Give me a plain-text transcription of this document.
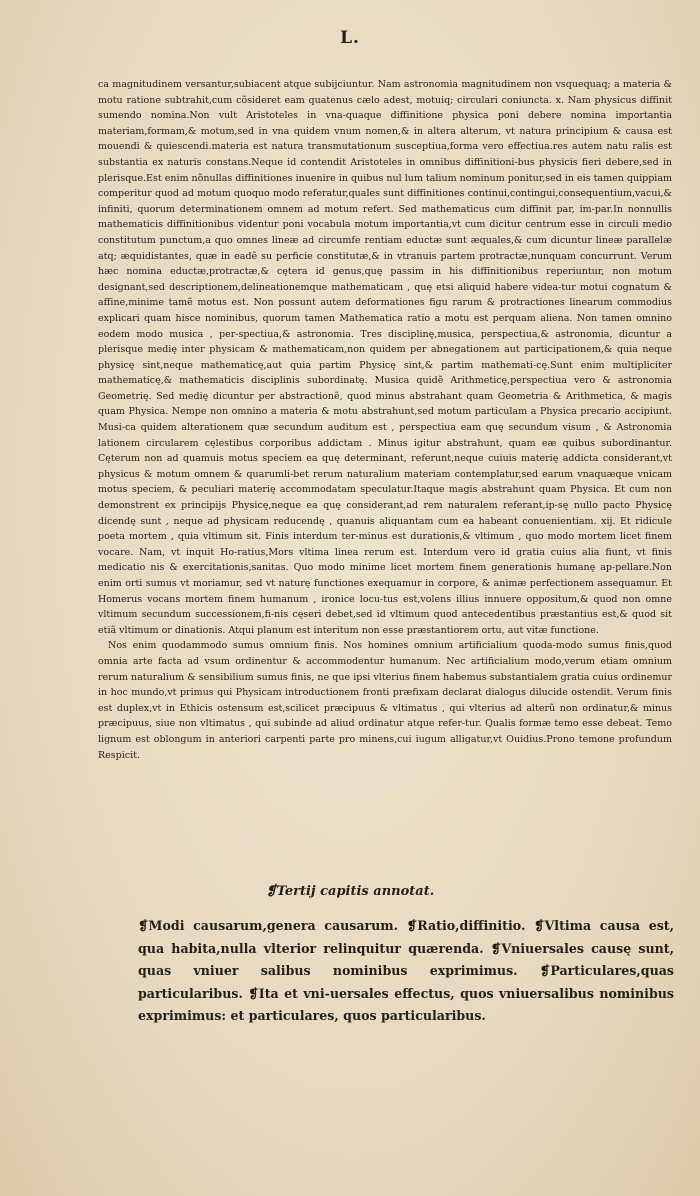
L.

ca magnitudinem versantur,subiacent atque subijciuntur. Nam astronomia magnitudinem non vsquequaq; a materia & motu ratione subtrahit,cum cõsideret eam quatenus cælo adest, motuiq; circulari coniuncta. x. Nam physicus diffinit sumendo nomina.Non vult Aristoteles in vna-quaque diffinitione physica poni debere nomina importantia materiam,formam,& motum,sed in vna quidem vnum nomen,& in altera alterum, vt natura principium & causa est mouendi & quiescendi.materia est natura transmutationum susceptiua,forma vero effectiua.res autem natu ralis est substantia ex naturis constans.Neque id contendit Aristoteles in omnibus diffinitioni-bus physicis fieri debere,sed in plerisque.Est enim nõnullas diffinitiones inuenire in quibus nul lum talium nominum ponitur,sed in eis tamen quippiam comperitur quod ad motum quoquo modo referatur,quales sunt diffinitiones continui,contingui,consequentium,vacui,& infiniti, quorum determinationem omnem ad motum refert. Sed mathematicus cum diffinit par, im-par.In nonnullis mathematicis diffinitionibus videntur poni vocabula motum importantia,vt cum dicitur centrum esse in circuli medio constitutum punctum,a quo omnes lineæ ad circumfe rentiam eductæ sunt æquales,& cum dicuntur lineæ parallelæ atq; æquidistantes, quæ in eadẽ su perficie constitutæ,& in vtranuis partem protractæ,nunquam concurrunt. Verum hæc nomina eductæ,protractæ,& cętera id genus,quę passim in his diffinitionibus reperiuntur, non motum designant,sed descriptionem,delineationemque mathematicam , quę etsi aliquid habere videa-tur motui cognatum & affine,minime tamẽ motus est. Non possunt autem deformationes figu rarum & protractiones linearum commodius explicari quam hisce nominibus, quorum tamen Mathematica ratio a motu est perquam aliena. Non tamen omnino eodem modo musica , per-spectiua,& astronomia. Tres disciplinę,musica, perspectiua,& astronomia, dicuntur a plerisque medię inter physicam & mathematicam,non quidem per abnegationem aut participationem,& quia neque physicę sint,neque mathematicę,aut quia partim Physicę sint,& partim mathemati-cę.Sunt enim multipliciter mathematicę,& mathematicis disciplinis subordinatę. Musica quidẽ Arithmeticę,perspectiua vero & astronomia Geometrię. Sed medię dicuntur per abstractionẽ, quod minus abstrahant quam Geometria & Arithmetica, & magis quam Physica. Nempe non omnino a materia & motu abstrahunt,sed motum particulam a Physica precario accipiunt. Musi-ca quidem alterationem quæ secundum auditum est , perspectiua eam quę secundum visum , & Astronomia lationem circularem cęlestibus corporibus addictam . Minus igitur abstrahunt, quam eæ quibus subordinantur. Cęterum non ad quamuis motus speciem ea quę determinant, referunt,neque cuiuis materię addicta considerant,vt physicus & motum omnem & quarumli-bet rerum naturalium materiam contemplatur,sed earum vnaquæque vnicam motus speciem, & peculiari materię accommodatam speculatur.Itaque magis abstrahunt quam Physica. Et cum non demonstrent ex principijs Physicę,neque ea quę considerant,ad rem naturalem referant,ip-sę nullo pacto Physicę dicendę sunt , neque ad physicam reducendę , quanuis aliquantam cum ea habeant conuenientiam. xij. Et ridicule poeta mortem , quia vltimum sit. Finis interdum ter-minus est durationis,& vltimum , quo modo mortem licet finem vocare. Nam, vt inquit Ho-ratius,Mors vltima linea rerum est. Interdum vero id gratia cuius alia fiunt, vt finis medicatio nis & exercitationis,sanitas. Quo modo minime licet mortem finem generationis humanę ap-pellare.Non enim orti sumus vt moriamur, sed vt naturę functiones exequamur in corpore, & animæ perfectionem assequamur. Et Homerus vocans mortem finem humanum , ironice locu-tus est,volens illius innuere oppositum,& quod non omne vltimum secundum successionem,fi-nis cęseri debet,sed id vltimum quod antecedentibus præstantius est,& quod sit etiã vltimum or dinationis. Atqui planum est interitum non esse præstantiorem ortu, aut vitæ functione.

Nos enim quodammodo sumus omnium finis. Nos homines omnium artificialium quoda-modo sumus finis,quod omnia arte facta ad vsum ordinentur & accommodentur humanum. Nec artificialium modo,verum etiam omnium rerum naturalium & sensibilium sumus finis, ne que ipsi vlterius finem habemus substantialem gratia cuius ordinemur in hoc mundo,vt primus qui Physicam introductionem fronti præfixam declarat dialogus dilucide ostendit. Verum finis est duplex,vt in Ethicis ostensum est,scilicet præcipuus & vltimatus , qui vlterius ad alterũ non ordinatur,& minus præcipuus, siue non vltimatus , qui subinde ad aliud ordinatur atque refer-tur. Qualis formæ temo esse debeat. Temo lignum est oblongum in anteriori carpenti parte pro minens,cui iugum alligatur,vt Ouidius.Prono temone profundum Respicit.

❡Tertij capitis annotat.

❡Modi causarum,genera causarum. ❡Ratio,diffinitio. ❡Vltima causa est, qua habita,nulla vlterior relinquitur quærenda. ❡Vniuersales causę sunt, quas vniuer salibus nominibus exprimimus. ❡Particulares,quas particularibus. ❡Ita et vni-uersales effectus, quos vniuersalibus nominibus exprimimus: et particulares, quos particularibus.
